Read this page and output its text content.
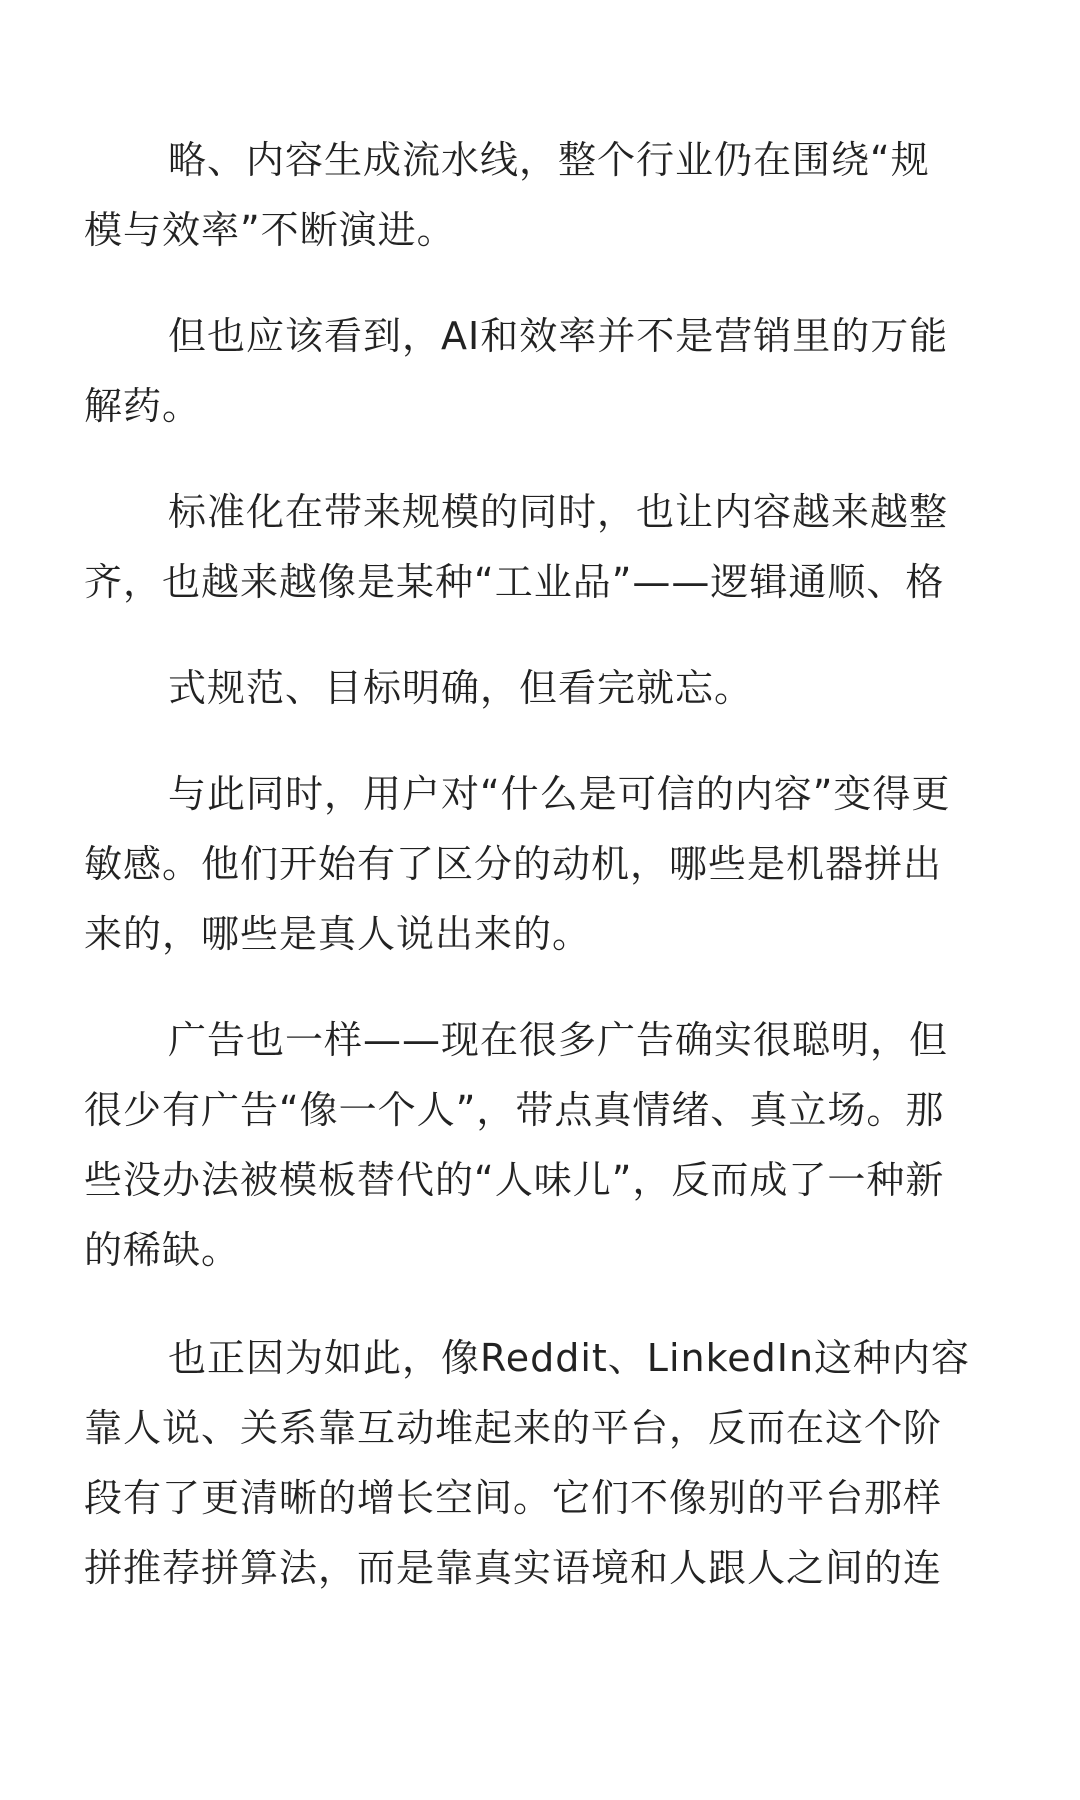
略、内容生成流水线，整个行业仍在围绕“规
模与效率”不断演进。
但也应该看到，AI和效率并不是营销里的万能
解药。
标准化在带来规模的同时，也让内容越来越整
齐，也越来越像是某种“工业品”——逻辑通顺、格
式规范、目标明确，但看完就忘。
与此同时，用户对“什么是可信的内容”变得更
敏感。他们开始有了区分的动机，哪些是机器拼出
来的，哪些是真人说出来的。
广告也一样——现在很多广告确实很聪明，但
很少有广告“像一个人”，带点真情绪、真立场。那
些没办法被模板替代的“人味儿”，反而成了一种新
的稀缺。
也正因为如此，像Reddit、LinkedIn这种内容
靠人说、关系靠互动堆起来的平台，反而在这个阶
段有了更清晰的增长空间。它们不像别的平台那样
拼推荐拼算法，而是靠真实语境和人跟人之间的连
